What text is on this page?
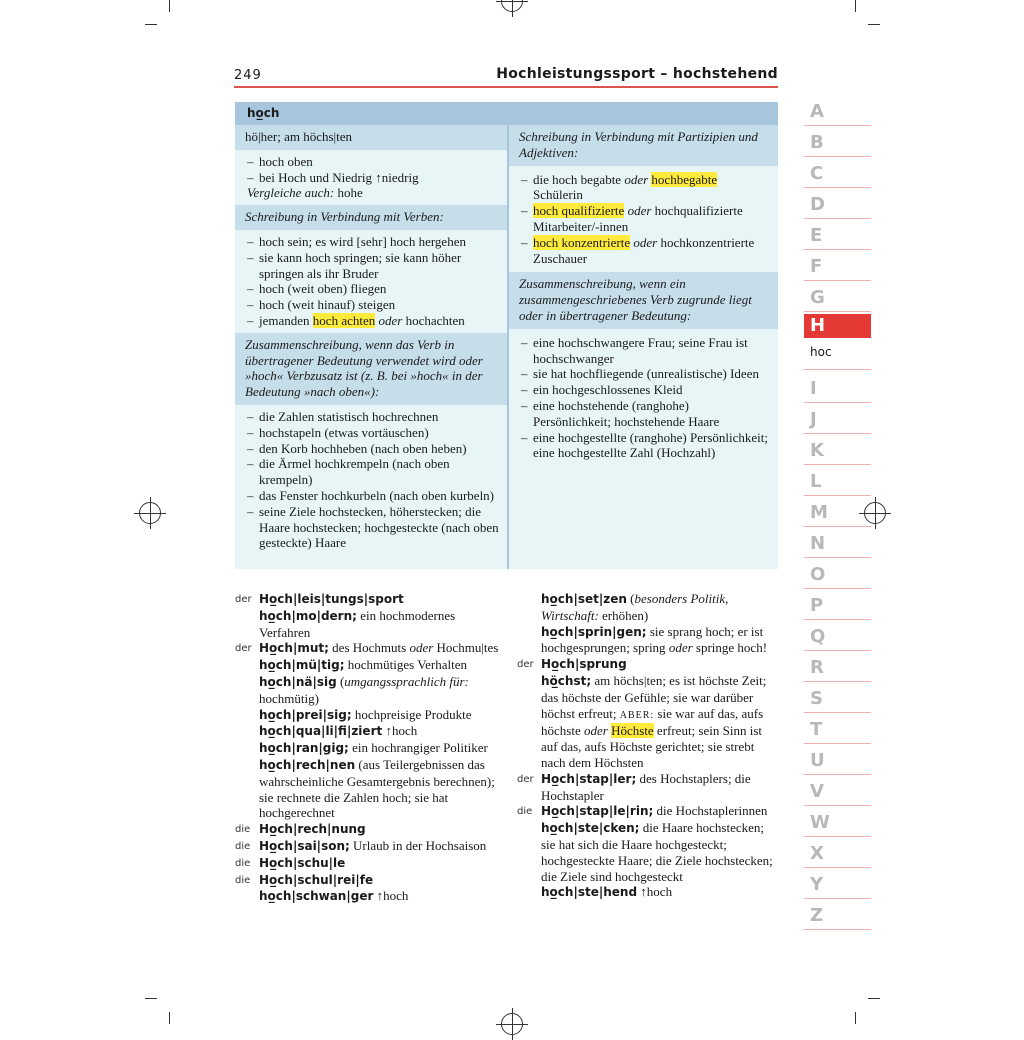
249	Hochleistungssport – hochstehend
ho̲ch
hö|her; am höchs|ten
– hoch oben
– bei Hoch und Niedrig ↑niedrig
Vergleiche auch: hohe
Schreibung in Verbindung mit Verben:
– hoch sein; es wird [sehr] hoch hergehen
– sie kann hoch springen; sie kann höher springen als ihr Bruder
– hoch (weit oben) fliegen
– hoch (weit hinauf) steigen
– jemanden hoch achten oder hochachten
Zusammenschreibung, wenn das Verb in übertragener Bedeutung verwendet wird oder »hoch« Verbzusatz ist (z. B. bei »hoch« in der Bedeutung »nach oben«):
– die Zahlen statistisch hochrechnen
– hochstapeln (etwas vortäuschen)
– den Korb hochheben (nach oben heben)
– die Ärmel hochkrempeln (nach oben krempeln)
– das Fenster hochkurbeln (nach oben kurbeln)
– seine Ziele hochstecken, höherstecken; die Haare hochstecken; hochgesteckte (nach oben gesteckte) Haare
Schreibung in Verbindung mit Partizipien und Adjektiven:
– die hoch begabte oder hochbegabte Schülerin
– hoch qualifizierte oder hochqualifizierte Mitarbeiter/-innen
– hoch konzentrierte oder hochkonzentrierte Zuschauer
Zusammenschreibung, wenn ein zusammengeschriebenes Verb zugrunde liegt oder in übertragener Bedeutung:
– eine hochschwangere Frau; seine Frau ist hochschwanger
– sie hat hochfliegende (unrealistische) Ideen
– ein hochgeschlossenes Kleid
– eine hochstehende (ranghohe) Persönlichkeit; hochstehende Haare
– eine hochgestellte (ranghohe) Persönlichkeit; eine hochgestellte Zahl (Hochzahl)
der Ho̲ch|leis|tungs|sport
ho̲ch|mo|dern; ein hochmodernes Verfahren
der Ho̲ch|mut; des Hochmuts oder Hochmu|tes
ho̲ch|mü|tig; hochmütiges Verhalten
ho̲ch|nä|sig (umgangssprachlich für: hochmütig)
ho̲ch|prei|sig; hochpreisige Produkte
ho̲ch|qua|li|fi|ziert ↑hoch
ho̲ch|ran|gig; ein hochrangiger Politiker
ho̲ch|rech|nen (aus Teilergebnissen das wahrscheinliche Gesamtergebnis berechnen); sie rechnete die Zahlen hoch; sie hat hochgerechnet
die Ho̲ch|rech|nung
die Ho̲ch|sai|son; Urlaub in der Hochsaison
die Ho̲ch|schu|le
die Ho̲ch|schul|rei|fe
ho̲ch|schwan|ger ↑hoch
ho̲ch|set|zen (besonders Politik, Wirtschaft: erhöhen)
ho̲ch|sprin|gen; sie sprang hoch; er ist hochgesprungen; spring oder springe hoch!
der Ho̲ch|sprung
hö̲chst; am höchs|ten; es ist höchste Zeit; das höchste der Gefühle; sie war darüber höchst erfreut; ABER: sie war auf das, aufs höchste oder Höchste erfreut; sein Sinn ist auf das, aufs Höchste gerichtet; sie strebt nach dem Höchsten
der Ho̲ch|stap|ler; des Hochstaplers; die Hochstapler
die Ho̲ch|stap|le|rin; die Hochstaplerinnen
ho̲ch|ste|cken; die Haare hochstecken; sie hat sich die Haare hochgesteckt; hochgesteckte Haare; die Ziele hochstecken; die Ziele sind hochgesteckt
ho̲ch|ste|hend ↑hoch
A
B
C
D
E
F
G
H
hoc
I
J
K
L
M
N
O
P
Q
R
S
T
U
V
W
X
Y
Z
